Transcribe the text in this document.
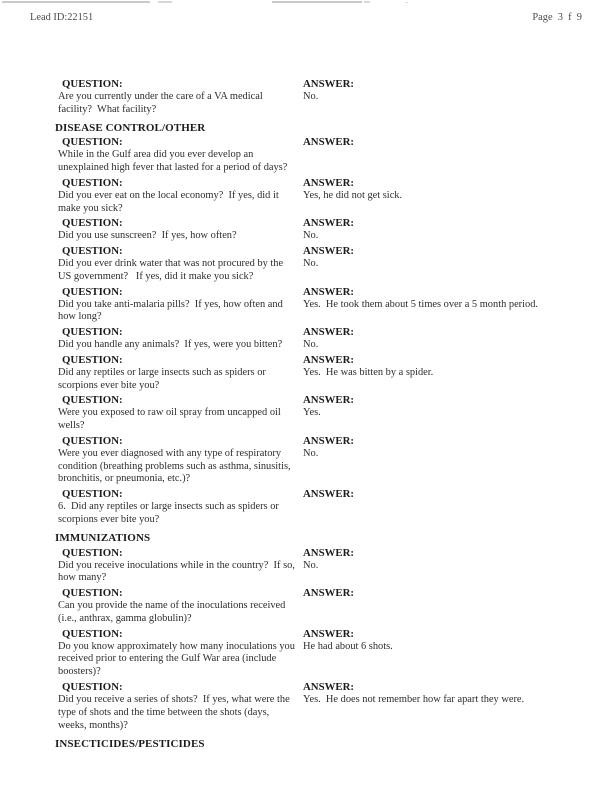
Lead ID:22151	Page  3  f  9
QUESTION:
Are you currently under the care of a VA medical facility?  What facility?
ANSWER:
No.
DISEASE CONTROL/OTHER
QUESTION:
While in the Gulf area did you ever develop an unexplained high fever that lasted for a period of days?
ANSWER:
QUESTION:
Did you ever eat on the local economy?  If yes, did it make you sick?
ANSWER:
Yes, he did not get sick.
QUESTION:
Did you use sunscreen?  If yes, how often?
ANSWER:
No.
QUESTION:
Did you ever drink water that was not procured by the US government?   If yes, did it make you sick?
ANSWER:
No.
QUESTION:
Did you take anti-malaria pills?  If yes, how often and how long?
ANSWER:
Yes.  He took them about 5 times over a 5 month period.
QUESTION:
Did you handle any animals?  If yes, were you bitten?
ANSWER:
No.
QUESTION:
Did any reptiles or large insects such as spiders or scorpions ever bite you?
ANSWER:
Yes.  He was bitten by a spider.
QUESTION:
Were you exposed to raw oil spray from uncapped oil wells?
ANSWER:
Yes.
QUESTION:
Were you ever diagnosed with any type of respiratory condition (breathing problems such as asthma, sinusitis, bronchitis, or pneumonia, etc.)?
ANSWER:
No.
QUESTION:
6.  Did any reptiles or large insects such as spiders or scorpions ever bite you?
ANSWER:
IMMUNIZATIONS
QUESTION:
Did you receive inoculations while in the country?  If so, how many?
ANSWER:
No.
QUESTION:
Can you provide the name of the inoculations received (i.e., anthrax, gamma globulin)?
ANSWER:
QUESTION:
Do you know approximately how many inoculations you received prior to entering the Gulf War area (include boosters)?
ANSWER:
He had about 6 shots.
QUESTION:
Did you receive a series of shots?  If yes, what were the type of shots and the time between the shots (days, weeks, months)?
ANSWER:
Yes.  He does not remember how far apart they were.
INSECTICIDES/PESTICIDES
